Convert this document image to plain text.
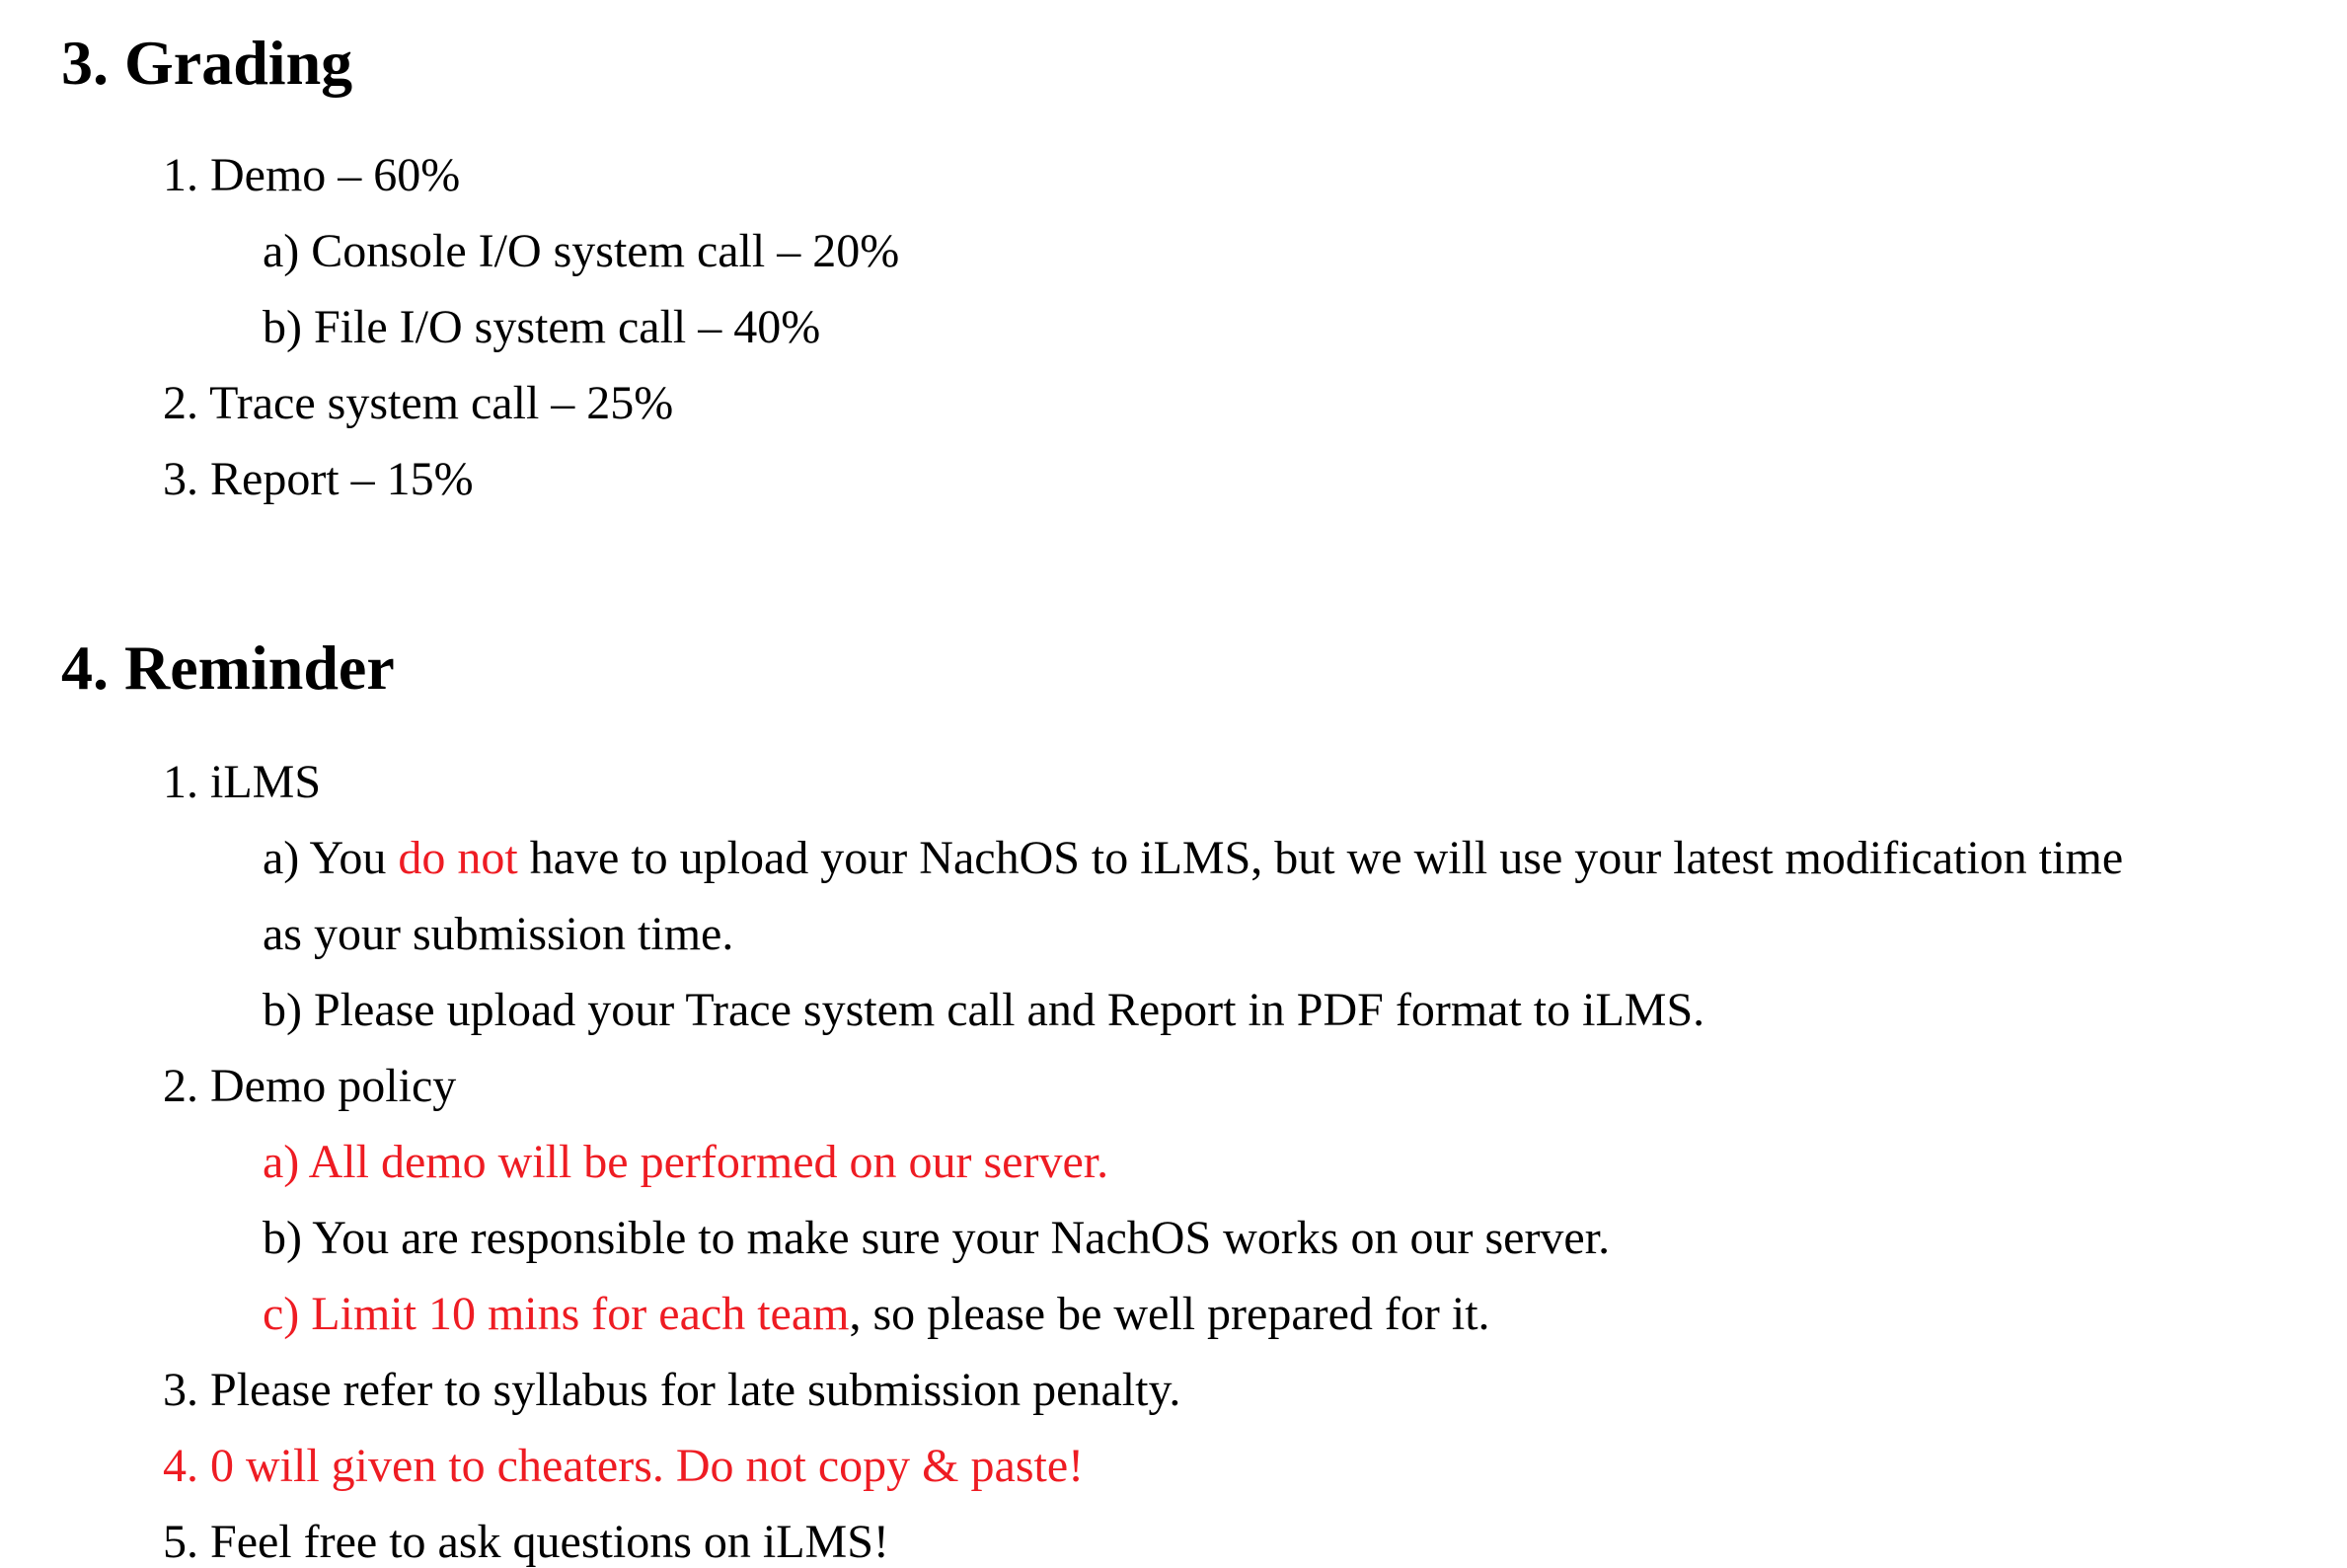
3. Grading

1. Demo – 60%

a) Console I/O system call – 20%

b) File I/O system call – 40%

2. Trace system call – 25%

3. Report – 15%

4. Reminder

1. iLMS

a) You do not have to upload your NachOS to iLMS, but we will use your latest modification time

as your submission time.

b) Please upload your Trace system call and Report in PDF format to iLMS.

2. Demo policy

a) All demo will be performed on our server.

b) You are responsible to make sure your NachOS works on our server.

c) Limit 10 mins for each team, so please be well prepared for it.

3. Please refer to syllabus for late submission penalty.

4. 0 will given to cheaters. Do not copy & paste!

5. Feel free to ask questions on iLMS!
